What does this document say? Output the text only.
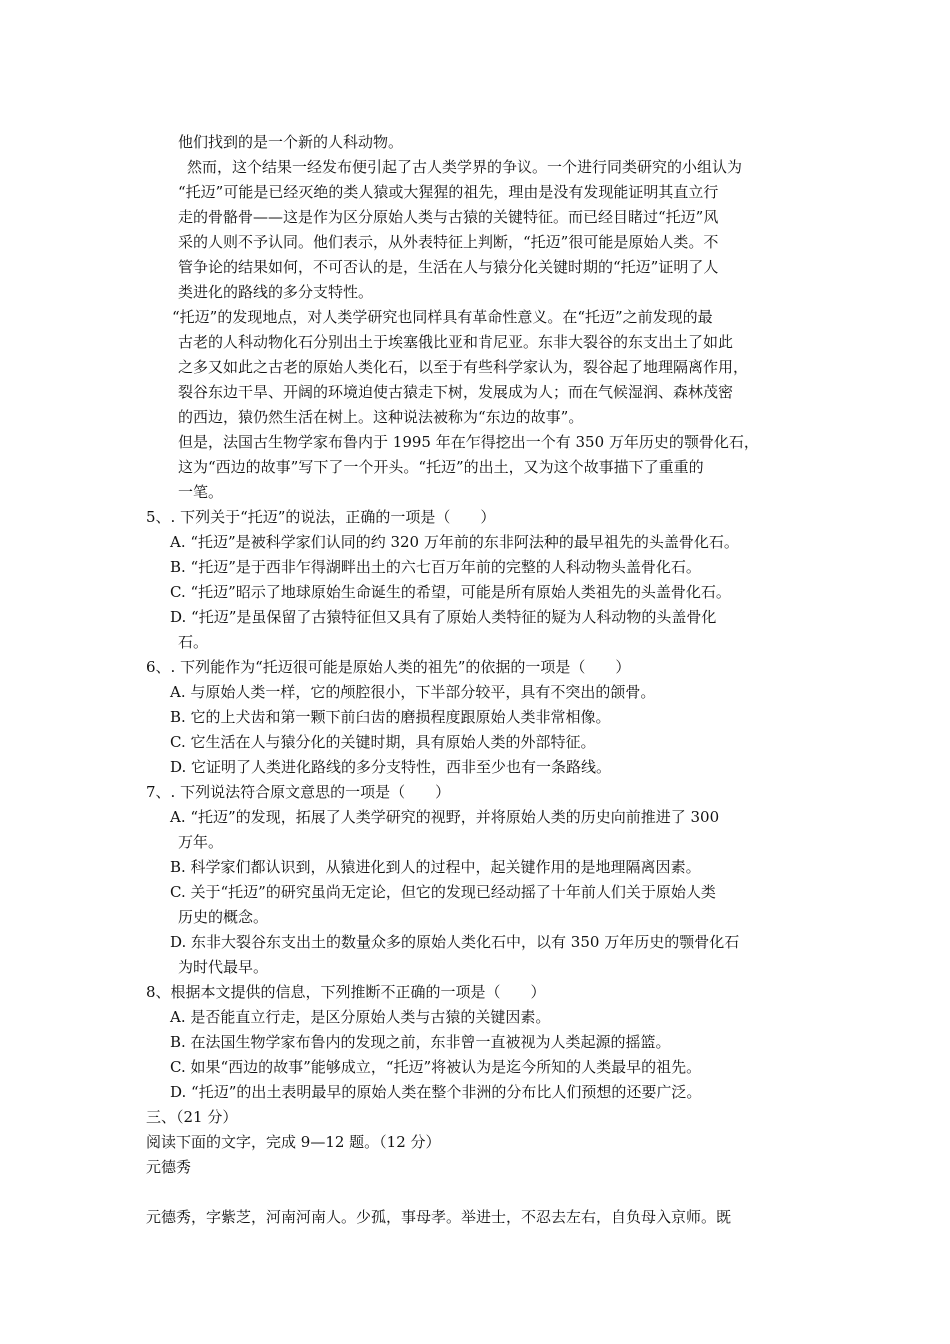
他们找到的是一个新的人科动物。
然而，这个结果一经发布便引起了古人类学界的争议。一个进行同类研究的小组认为
“托迈”可能是已经灭绝的类人猿或大猩猩的祖先，理由是没有发现能证明其直立行
走的骨骼骨——这是作为区分原始人类与古猿的关键特征。而已经目睹过“托迈”风
采的人则不予认同。他们表示，从外表特征上判断，“托迈”很可能是原始人类。不
管争论的结果如何，不可否认的是，生活在人与猿分化关键时期的“托迈”证明了人
类进化的路线的多分支特性。
“托迈”的发现地点，对人类学研究也同样具有革命性意义。在“托迈”之前发现的最
古老的人科动物化石分别出土于埃塞俄比亚和肯尼亚。东非大裂谷的东支出土了如此
之多又如此之古老的原始人类化石，以至于有些科学家认为，裂谷起了地理隔离作用，
裂谷东边干旱、开阔的环境迫使古猿走下树，发展成为人；而在气候湿润、森林茂密
的西边，猿仍然生活在树上。这种说法被称为“东边的故事”。
但是，法国古生物学家布鲁内于 1995 年在乍得挖出一个有 350 万年历史的颚骨化石，
这为“西边的故事”写下了一个开头。“托迈”的出土，又为这个故事描下了重重的
一笔。
5、. 下列关于“托迈”的说法，正确的一项是（　　）
A. “托迈”是被科学家们认同的约 320 万年前的东非阿法种的最早祖先的头盖骨化石。
B. “托迈”是于西非乍得湖畔出土的六七百万年前的完整的人科动物头盖骨化石。
C. “托迈”昭示了地球原始生命诞生的希望，可能是所有原始人类祖先的头盖骨化石。
D. “托迈”是虽保留了古猿特征但又具有了原始人类特征的疑为人科动物的头盖骨化
石。
6、. 下列能作为“托迈很可能是原始人类的祖先”的依据的一项是（　　）
A. 与原始人类一样，它的颅腔很小，下半部分较平，具有不突出的颌骨。
B. 它的上犬齿和第一颗下前臼齿的磨损程度跟原始人类非常相像。
C. 它生活在人与猿分化的关键时期，具有原始人类的外部特征。
D. 它证明了人类进化路线的多分支特性，西非至少也有一条路线。
7、. 下列说法符合原文意思的一项是（　　）
A. “托迈”的发现，拓展了人类学研究的视野，并将原始人类的历史向前推进了 300
万年。
B. 科学家们都认识到，从猿进化到人的过程中，起关键作用的是地理隔离因素。
C. 关于“托迈”的研究虽尚无定论，但它的发现已经动摇了十年前人们关于原始人类
历史的概念。
D. 东非大裂谷东支出土的数量众多的原始人类化石中，以有 350 万年历史的颚骨化石
为时代最早。
8、根据本文提供的信息，下列推断不正确的一项是（　　）
A. 是否能直立行走，是区分原始人类与古猿的关键因素。
B. 在法国生物学家布鲁内的发现之前，东非曾一直被视为人类起源的摇篮。
C. 如果“西边的故事”能够成立，“托迈”将被认为是迄今所知的人类最早的祖先。
D. “托迈”的出土表明最早的原始人类在整个非洲的分布比人们预想的还要广泛。
三、（21 分）
阅读下面的文字，完成 9—12 题。（12 分）
元德秀
元德秀，字紫芝，河南河南人。少孤，事母孝。举进士，不忍去左右，自负母入京师。既
